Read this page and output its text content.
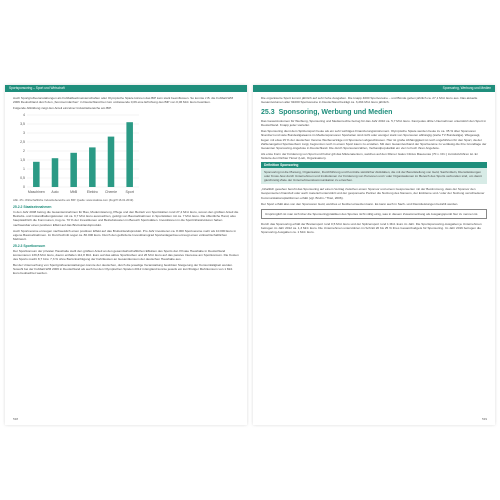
Sportsponsoring – Sport und Wirtschaft

Auch Sportgroßveranstaltungen als Fußballweltmeisterschaften oder Olympische Spiele können das BIP kein stark beeinflussen. So konnte z.B. die Fußball-WM 2006 Deutschland durch den „Sommermärchen“ in Deutschland bei zum umfassende 0,06 eine Erhöhung des BIP von 0,06 Mrd. Euro bewirken.

Folgende Abbildung zeigt den Anteil einzelner Industriebereiche am BIP.

0
0,5
1
1,5
2
2,5
3
3,5
4
Maschinen Auto	MbB	Elektro Chemie Sport
Abb. 25 • Wirtschaftliche Industriebereiche am BIP. Quelle: www.statista.com (Zugriff 16.01.2019)
25.2.2 Staatseinnahmen

In den Jahr 2008 betrug die Gesamteinnahmen für Bau, Modernisierung, Pflege und den Betrieb von Sportstätten rund 27,4 Mrd. Euro, wovon den größten Anteil die Betriebs- und Instandhaltungskosten mit ca. 9,7 Mrd. Euro ausmachten, gefolgt von Baumaßnahmen in Sportstätten mit ca. 7 Mrd. Euro. Die öffentliche Hand, also hauptsächlich die Kommunen, trug ca. 70 % der Investitionen und Betriebskosten im Bereich Sportstätten. Investitionen in die Sportinfrastrukturen haben nachweisbar einen positiven Effekt auf das Bruttoinlandsprodukt.

Auch Sportvereine erzeugen nachweislich einen positiven Effekt auf das Bruttoinlandsprodukt. Pro Jahr investieren ca. 8.000 Sportvereine mehr als 10.000 Euro in eigene Baumaßnahmen. Im Durchschnitt sogar ca. 80.000 Euro. Durch den geförderte Investitionsgrad Sportanlagenbau erzeugt einen volkswirtschaftlichen Mehrwert.

25.2.3 Sportkonsum

Der Sportkonsum der privaten Haushalte stellt den größten Anteil an den gesamtwirtschaftlichen Effekten des Sports dar. Private Haushalte in Deutschland konsumieren 139,8 Mrd. Euro, davon entfallen 112,8 Mrd. Euro auf das aktive Sporttreiben und 26 Mrd. Euro auf das passive Interesse am Sportkonsum. Die Kosten des Sports macht 8,7 bzw. 7,3 % ohne Berücksichtigung der Fahrtkosten an Gesamtkonsum der deutschen Haushalte aus.

Bei der Untersuchung von Sportgroßveranstaltungen konnte der deutschen, durch die jeweilige Veranstaltung bewirkten Steigerung der Konsumtätigkeit werden. Sowohl bei der Fußball-WM 2006 in Deutschland als auch bei den Olympischen Spielen 2012 in England konnte jeweils ein kurzfristiger Mehrkonsum von 1 Mrd. Euro beobachtet werden.

538
Sponsoring, Werbung und Medien

Die organisierte Sport kommt jährlich auf sehr hohe Ausgaben. Die knapp 4000 Sportvereine – und Bünde geben jährlich ca. 27,1 Mrd. Euro aus. Das aktuelle Gesamtvolumen aller 91000 Sportvereine in Deutschland beträgt ca. 3,294 Mrd. Euro jährlich.

25.3 Sponsoring, Werbung und Medien

Das Gesamtvolumen für Werbung, Sponsoring und Medienrechte betrug für das Jahr 2010 ca. 5,7 Mrd. Euro. Fast jedes dritte Unternehmen unterstützt den Sport in Deutschland. Knapp jeder vierteller.

Das Sponsoring dient dem Spitzensport heute als ein sehr wichtiges Finanzierungsinstrument. Olympische Spiele werden heute zu ca. 35 % über Sponsoren finanziert und viele Bundesligateams im Mediensponsoren Sportarten sind nicht oder weniger stark von Sponsoren abhängig (siehe TV Bundesliga). Wiegesagt, liegen mit etwa 15 % der deutschen Vereine Werbeverträge mit Sponsoren abgeschlossen. Hier ist große Abhängigkeit ist noch ungeführten für den Sport, da der Zahlenangebot Sportwerbern zeigt, begrenzen noch in einem Sport kaum zu erstellen. Mit dem Gesamtverband der Sportvereine zu verlässig die ihre Grundlage der Gesamten Sponsoring-Angebote in Deutschland. Die durch Sponsorenzahlen, Verbandpopularität ein viel zu hoch ihren Angebote.

Als erste Form der Förderung von Sport und Kultur gilt das Mäzenatentum, welches auf den Römer Gaius Cilnius Maecenas (70 v. Chr.) zurückzuführen ist. Er förderte den Dichter Horaz (Lieb, Organisation).

Definition Sponsoring

Sponsoring ist die Planung, Organisation, Durchführung und Kontrolle sämtlicher Aktivitäten, die mit der Bereitstellung von Geld, Sachmitteln, Dienstleistungen oder Know-how durch Unternehmen und Institutionen zur Förderung von Personen und / oder Organisationen im Bereich des Sports verbunden sind, um damit gleichzeitig Ziele der Unternehmenskommunikation zu erreichen.

„Inhaltlich gesehen beruht das Sponsoring auf einem Vertrag zwischen einem Sponsor und einem Gesponserten mit der Bestimmung, dass der Sponsor den Gesponserten finanziell oder auch materiell unterstützt und der gesponserte Partner die Nutzung des Namens, der Embleme und / oder der Nutzung verschiedener Kommunikationsplattformen erhält (vgl. Bruhn / Thiel, 2006).

Der Sport erhält also von den Sponsoren Geld, welches er flexibel einsetzen kann. Es kann auch in Sach- und Dienstleistungen bezahlt werden.

Ursprünglich ist man sich über die Sponsoringpraktiken des Sportes nicht völlig einig, was in diesem Zusammenhang als Ausgangspunkt hier zu nennen ist.

Durch das Sponsoring erhält der Breitensport rund 0,5 Mrd. Euro und der Spitzensport rund 1 Mrd. Euro im Jahr. Die Sportsponsoring-Ausgaben je Unternehmen betrugen im Jahr 2012 ca. 1,3 Mrd. Euro. Die Unternehmen unterstützen im Schnitt 20 bis 25 % ihres Gesamtbudgets für Sponsoring. Im Jahr 2016 betrugen die Sponsoring-Ausgaben ca. 1 Mrd. Euro.

539
